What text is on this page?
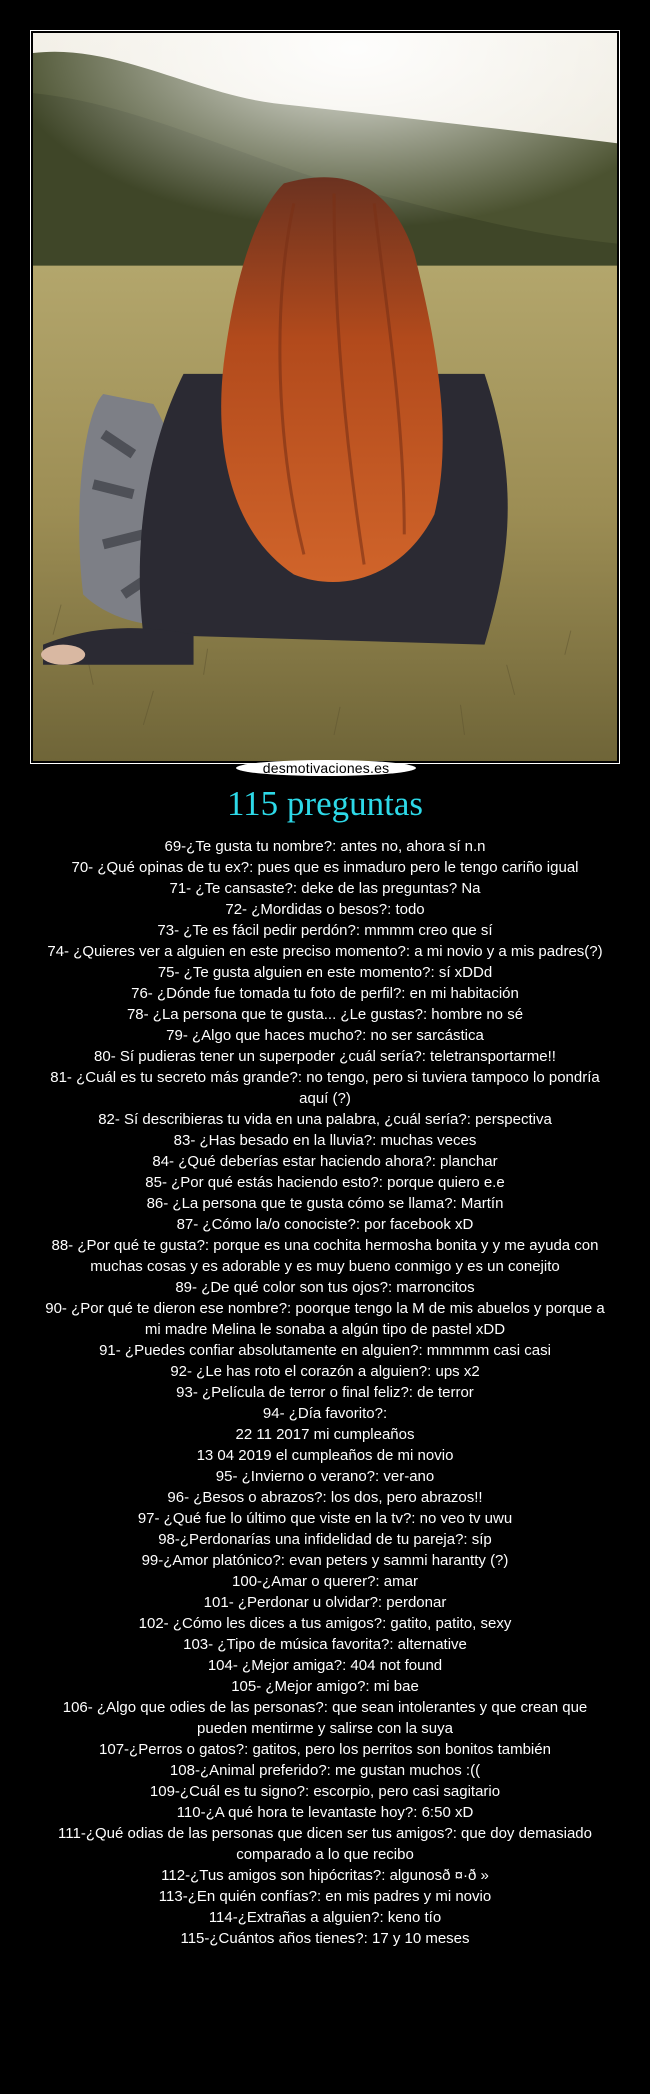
desmotivaciones.es
115 preguntas
69-¿Te gusta tu nombre?: antes no, ahora sí n.n
70- ¿Qué opinas de tu ex?: pues que es inmaduro pero le tengo cariño igual
71- ¿Te cansaste?: deke de las preguntas? Na
72- ¿Mordidas o besos?: todo
73- ¿Te es fácil pedir perdón?: mmmm creo que sí
74- ¿Quieres ver a alguien en este preciso momento?: a mi novio y a mis padres(?)
75- ¿Te gusta alguien en este momento?: sí xDDd
76- ¿Dónde fue tomada tu foto de perfil?: en mi habitación
78- ¿La persona que te gusta... ¿Le gustas?: hombre no sé
79- ¿Algo que haces mucho?: no ser sarcástica
80- Sí pudieras tener un superpoder ¿cuál sería?: teletransportarme!!
81- ¿Cuál es tu secreto más grande?: no tengo, pero si tuviera tampoco lo pondría aquí (?)
82- Sí describieras tu vida en una palabra, ¿cuál sería?: perspectiva
83- ¿Has besado en la lluvia?: muchas veces
84- ¿Qué deberías estar haciendo ahora?: planchar
85- ¿Por qué estás haciendo esto?: porque quiero e.e
86- ¿La persona que te gusta cómo se llama?: Martín
87- ¿Cómo la/o conociste?: por facebook xD
88- ¿Por qué te gusta?: porque es una cochita hermosha bonita y y me ayuda con muchas cosas y es adorable y es muy bueno conmigo y es un conejito
89- ¿De qué color son tus ojos?: marroncitos
90- ¿Por qué te dieron ese nombre?: poorque tengo la M de mis abuelos y porque a mi madre Melina le sonaba a algún tipo de pastel xDD
91- ¿Puedes confiar absolutamente en alguien?: mmmmm casi casi
92- ¿Le has roto el corazón a alguien?: ups x2
93- ¿Película de terror o final feliz?: de terror
94- ¿Día favorito?:
22 11 2017 mi cumpleaños
13 04 2019 el cumpleaños de mi novio
95- ¿Invierno o verano?: ver-ano
96- ¿Besos o abrazos?: los dos, pero abrazos!!
97- ¿Qué fue lo último que viste en la tv?: no veo tv uwu
98-¿Perdonarías una infidelidad de tu pareja?: síp
99-¿Amor platónico?: evan peters y sammi harantty (?)
100-¿Amar o querer?: amar
101- ¿Perdonar u olvidar?: perdonar
102- ¿Cómo les dices a tus amigos?: gatito, patito, sexy
103- ¿Tipo de música favorita?: alternative
104- ¿Mejor amiga?: 404 not found
105- ¿Mejor amigo?: mi bae
106- ¿Algo que odies de las personas?: que sean intolerantes y que crean que pueden mentirme y salirse con la suya
107-¿Perros o gatos?: gatitos, pero los perritos son bonitos también
108-¿Animal preferido?: me gustan muchos :((
109-¿Cuál es tu signo?: escorpio, pero casi sagitario
110-¿A qué hora te levantaste hoy?: 6:50 xD
111-¿Qué odias de las personas que dicen ser tus amigos?: que doy demasiado comparado a lo que recibo
112-¿Tus amigos son hipócritas?: algunosð ¤·ð »
113-¿En quién confías?: en mis padres y mi novio
114-¿Extrañas a alguien?: keno tío
115-¿Cuántos años tienes?: 17 y 10 meses
